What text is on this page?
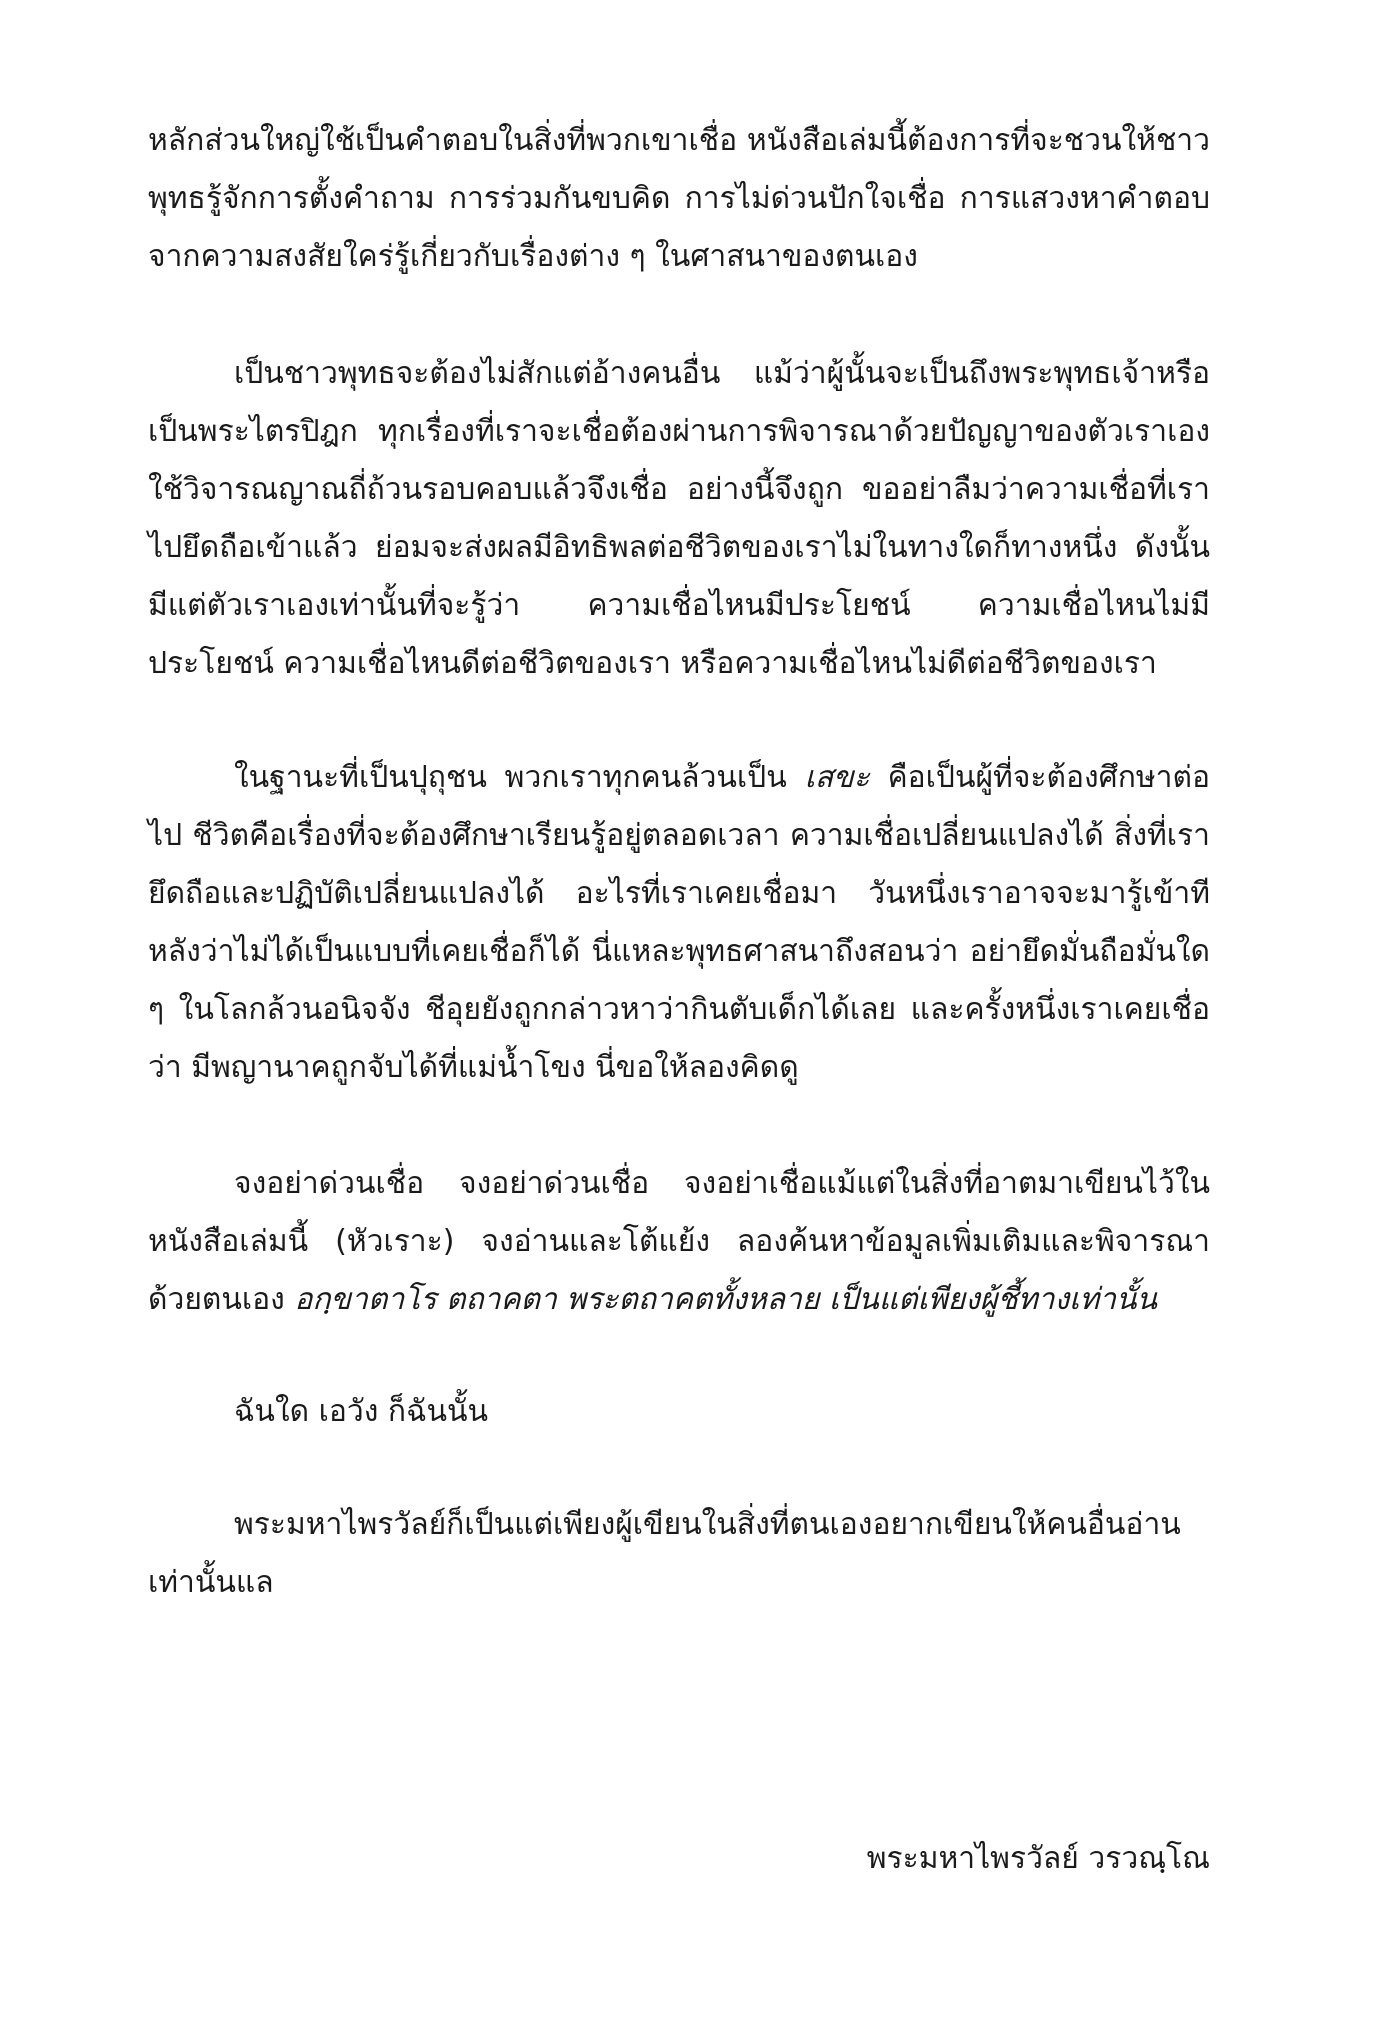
หลักส่วนใหญ่ใช้เป็นคำตอบในสิ่งที่พวกเขาเชื่อ หนังสือเล่มนี้ต้องการที่จะชวนให้ชาวพุทธรู้จักการตั้งคำถาม การร่วมกันขบคิด การไม่ด่วนปักใจเชื่อ การแสวงหาคำตอบจากความสงสัยใคร่รู้เกี่ยวกับเรื่องต่าง ๆ ในศาสนาของตนเอง

เป็นชาวพุทธจะต้องไม่สักแต่อ้างคนอื่น แม้ว่าผู้นั้นจะเป็นถึงพระพุทธเจ้าหรือเป็นพระไตรปิฎก ทุกเรื่องที่เราจะเชื่อต้องผ่านการพิจารณาด้วยปัญญาของตัวเราเอง ใช้วิจารณญาณถี่ถ้วนรอบคอบแล้วจึงเชื่อ อย่างนี้จึงถูก ขออย่าลืมว่าความเชื่อที่เราไปยึดถือเข้าแล้ว ย่อมจะส่งผลมีอิทธิพลต่อชีวิตของเราไม่ในทางใดก็ทางหนึ่ง ดังนั้นมีแต่ตัวเราเองเท่านั้นที่จะรู้ว่า ความเชื่อไหนมีประโยชน์ ความเชื่อไหนไม่มีประโยชน์ ความเชื่อไหนดีต่อชีวิตของเรา หรือความเชื่อไหนไม่ดีต่อชีวิตของเรา

ในฐานะที่เป็นปุถุชน พวกเราทุกคนล้วนเป็น เสขะ คือเป็นผู้ที่จะต้องศึกษาต่อไป ชีวิตคือเรื่องที่จะต้องศึกษาเรียนรู้อยู่ตลอดเวลา ความเชื่อเปลี่ยนแปลงได้ สิ่งที่เรายึดถือและปฏิบัติเปลี่ยนแปลงได้ อะไรที่เราเคยเชื่อมา วันหนึ่งเราอาจจะมารู้เข้าทีหลังว่าไม่ได้เป็นแบบที่เคยเชื่อก็ได้ นี่แหละพุทธศาสนาถึงสอนว่า อย่ายึดมั่นถือมั่นใด ๆ ในโลกล้วนอนิจจัง ชีอุยยังถูกกล่าวหาว่ากินตับเด็กได้เลย และครั้งหนึ่งเราเคยเชื่อว่า มีพญานาคถูกจับได้ที่แม่น้ำโขง นี่ขอให้ลองคิดดู

จงอย่าด่วนเชื่อ จงอย่าด่วนเชื่อ จงอย่าเชื่อแม้แต่ในสิ่งที่อาตมาเขียนไว้ในหนังสือเล่มนี้ (หัวเราะ) จงอ่านและโต้แย้ง ลองค้นหาข้อมูลเพิ่มเติมและพิจารณาด้วยตนเอง อกฺขาตาโร ตถาคตา พระตถาคตทั้งหลาย เป็นแต่เพียงผู้ชี้ทางเท่านั้น

ฉันใด เอวัง ก็ฉันนั้น

พระมหาไพรวัลย์ก็เป็นแต่เพียงผู้เขียนในสิ่งที่ตนเองอยากเขียนให้คนอื่นอ่านเท่านั้นแล

พระมหาไพรวัลย์ วรวณฺโณ
